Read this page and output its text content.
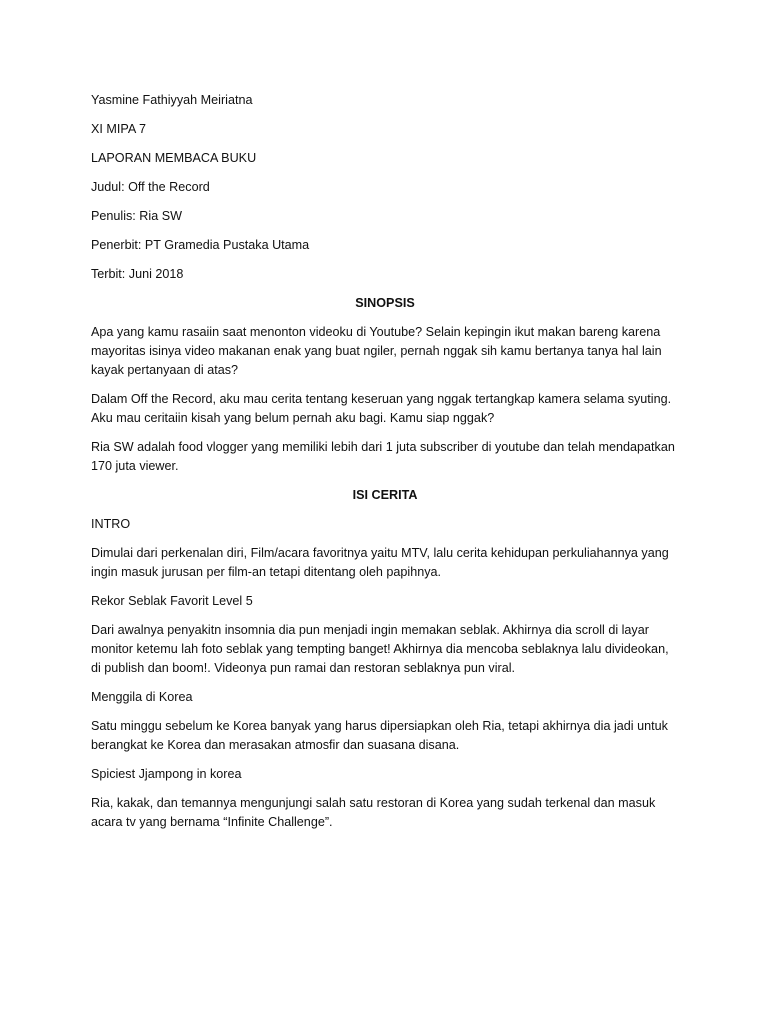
Yasmine Fathiyyah Meiriatna
XI MIPA 7
LAPORAN MEMBACA BUKU
Judul: Off the Record
Penulis: Ria SW
Penerbit: PT Gramedia Pustaka Utama
Terbit: Juni 2018
SINOPSIS
Apa yang kamu rasaiin saat menonton videoku di Youtube? Selain kepingin ikut makan bareng karena
mayoritas isinya video makanan enak yang buat ngiler, pernah nggak sih kamu bertanya tanya hal lain
kayak pertanyaan di atas?
Dalam Off the Record, aku mau cerita tentang keseruan yang nggak tertangkap kamera selama syuting.
Aku mau ceritaiin kisah yang belum pernah aku bagi. Kamu siap nggak?
Ria SW adalah food vlogger yang memiliki lebih dari 1 juta subscriber di youtube dan telah mendapatkan
170 juta viewer.
ISI CERITA
INTRO
Dimulai dari perkenalan diri, Film/acara favoritnya yaitu MTV, lalu cerita kehidupan perkuliahannya yang
ingin masuk jurusan per film-an tetapi ditentang oleh papihnya.
Rekor Seblak Favorit Level 5
Dari awalnya penyakitn insomnia dia pun menjadi ingin memakan seblak. Akhirnya dia scroll di layar
monitor ketemu lah foto seblak yang tempting banget! Akhirnya dia mencoba seblaknya lalu divideokan,
di publish dan boom!. Videonya pun ramai dan restoran seblaknya pun viral.
Menggila di Korea
Satu minggu sebelum ke Korea banyak yang harus dipersiapkan oleh Ria, tetapi akhirnya dia jadi untuk
berangkat ke Korea dan merasakan atmosfir dan suasana disana.
Spiciest Jjampong in korea
Ria, kakak, dan temannya mengunjungi salah satu restoran di Korea yang sudah terkenal dan masuk
acara tv yang bernama “Infinite Challenge”.
